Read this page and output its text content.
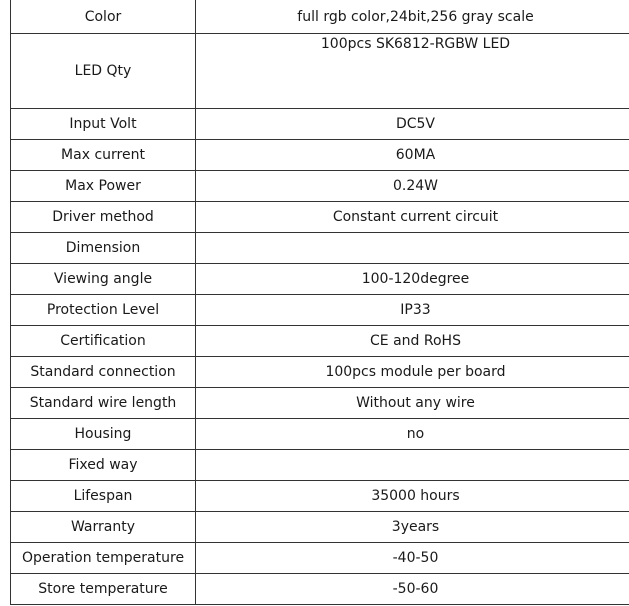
Color	full rgb color,24bit,256 gray scale
LED Qty	100pcs SK6812-RGBW LED
Input Volt	DC5V
Max current	60MA
Max Power	0.24W
Driver method	Constant current circuit
Dimension	
Viewing angle	100-120degree
Protection Level	IP33
Certification	CE and RoHS
Standard connection	100pcs module per board
Standard wire length	Without any wire
Housing	no
Fixed way	
Lifespan	35000 hours
Warranty	3years
Operation temperature	-40-50
Store temperature	-50-60
